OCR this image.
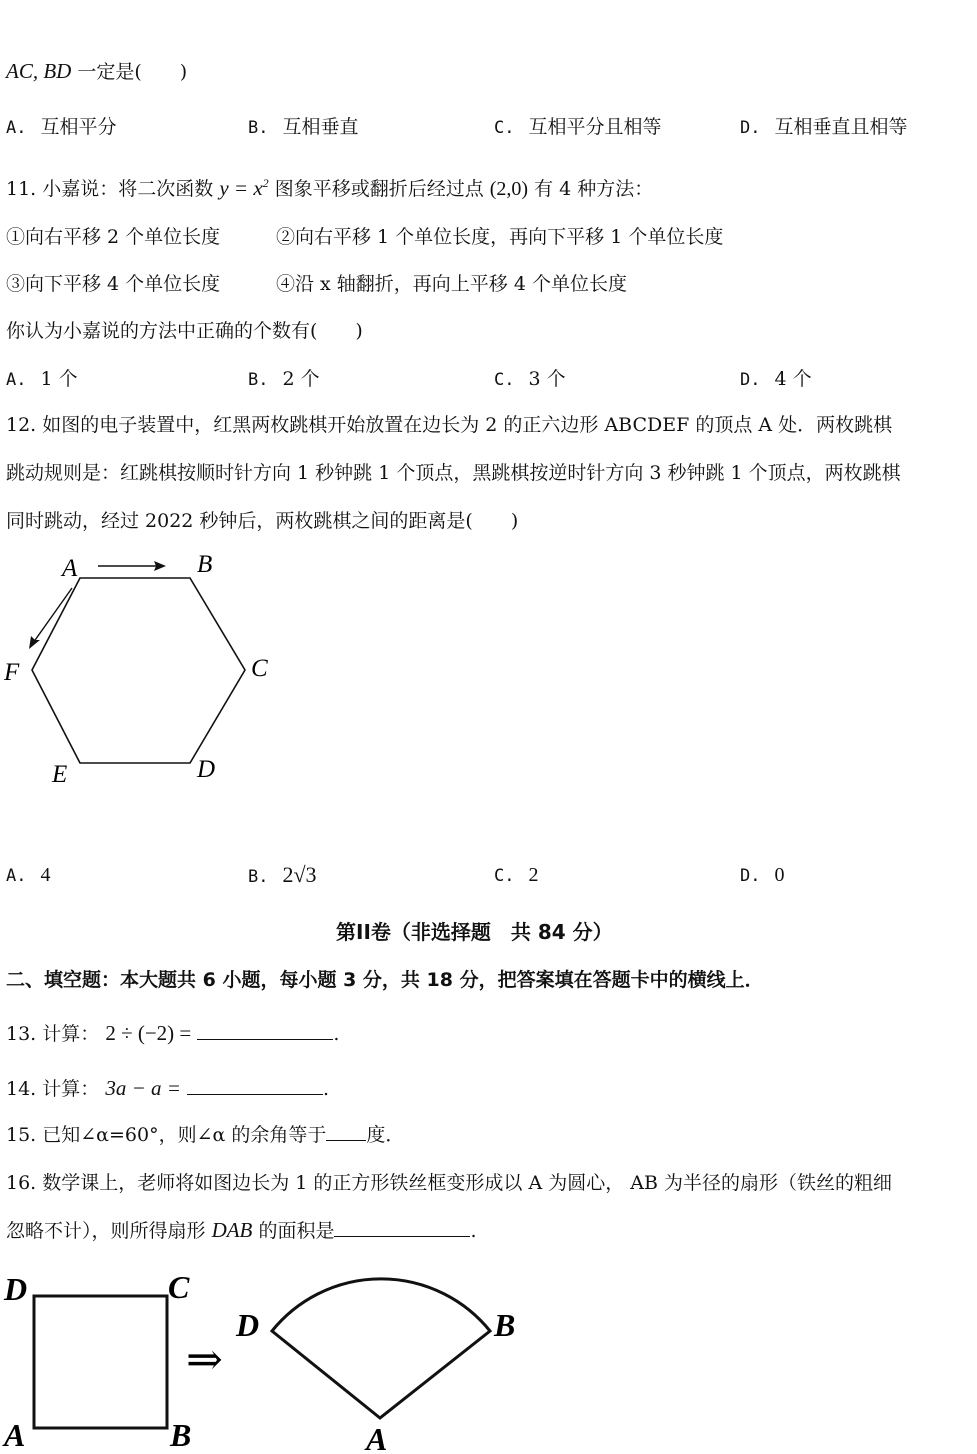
AC, BD 一定是(　　)
A. 互相平分	B. 互相垂直	C. 互相平分且相等	D. 互相垂直且相等
11. 小嘉说：将二次函数 $y = x^2$ 图象平移或翻折后经过点 (2,0) 有 4 种方法：
①向右平移 2 个单位长度	②向右平移 1 个单位长度，再向下平移 1 个单位长度
③向下平移 4 个单位长度	④沿 x 轴翻折，再向上平移 4 个单位长度
你认为小嘉说的方法中正确的个数有(　　)
A. 1 个	B. 2 个	C. 3 个	D. 4 个
12. 如图的电子装置中，红黑两枚跳棋开始放置在边长为 2 的正六边形 ABCDEF 的顶点 A 处．两枚跳棋
跳动规则是：红跳棋按顺时针方向 1 秒钟跳 1 个顶点，黑跳棋按逆时针方向 3 秒钟跳 1 个顶点，两枚跳棋
同时跳动，经过 2022 秒钟后，两枚跳棋之间的距离是(　　)
A	B
C
D
E
F
A. 4	B. 2√3	C. 2	D. 0
第II卷（非选择题　共 84 分）
二、填空题：本大题共 6 小题，每小题 3 分，共 18 分，把答案填在答题卡中的横线上．
13. 计算： 2 ÷ (−2) =	.
14. 计算： 3a − a =	.
15. 已知∠α=60°，则∠α 的余角等于 度．
16. 数学课上，老师将如图边长为 1 的正方形铁丝框变形成以 A 为圆心， AB 为半径的扇形（铁丝的粗细
忽略不计），则所得扇形 DAB 的面积是	.
D	C
A	B
⇒
D	B
A
